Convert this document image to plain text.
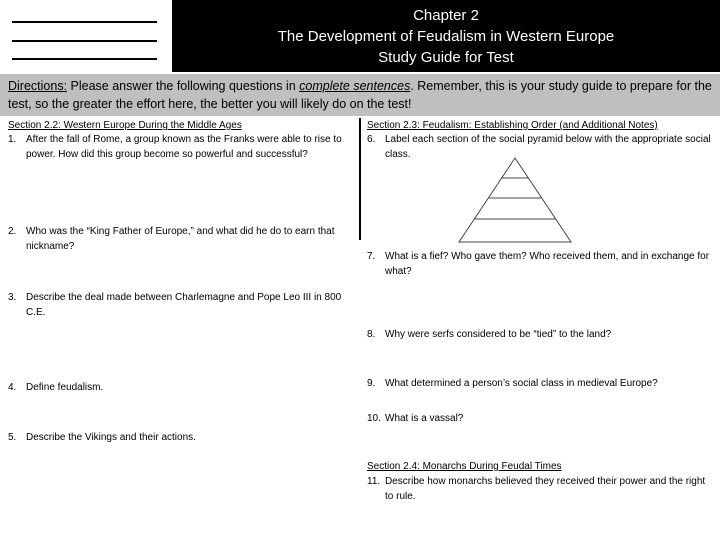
Chapter 2
The Development of Feudalism in Western Europe
Study Guide for Test
Directions: Please answer the following questions in complete sentences. Remember, this is your study guide to prepare for the test, so the greater the effort here, the better you will likely do on the test!
Section 2.2: Western Europe During the Middle Ages
1. After the fall of Rome, a group known as the Franks were able to rise to power. How did this group become so powerful and successful?
2. Who was the “King Father of Europe,” and what did he do to earn that nickname?
3. Describe the deal made between Charlemagne and Pope Leo III in 800 C.E.
4. Define feudalism.
5. Describe the Vikings and their actions.
Section 2.3: Feudalism: Establishing Order (and Additional Notes)
6. Label each section of the social pyramid below with the appropriate social class.
7. What is a fief? Who gave them? Who received them, and in exchange for what?
8. Why were serfs considered to be “tied” to the land?
9. What determined a person’s social class in medieval Europe?
10. What is a vassal?
Section 2.4: Monarchs During Feudal Times
11. Describe how monarchs believed they received their power and the right to rule.
